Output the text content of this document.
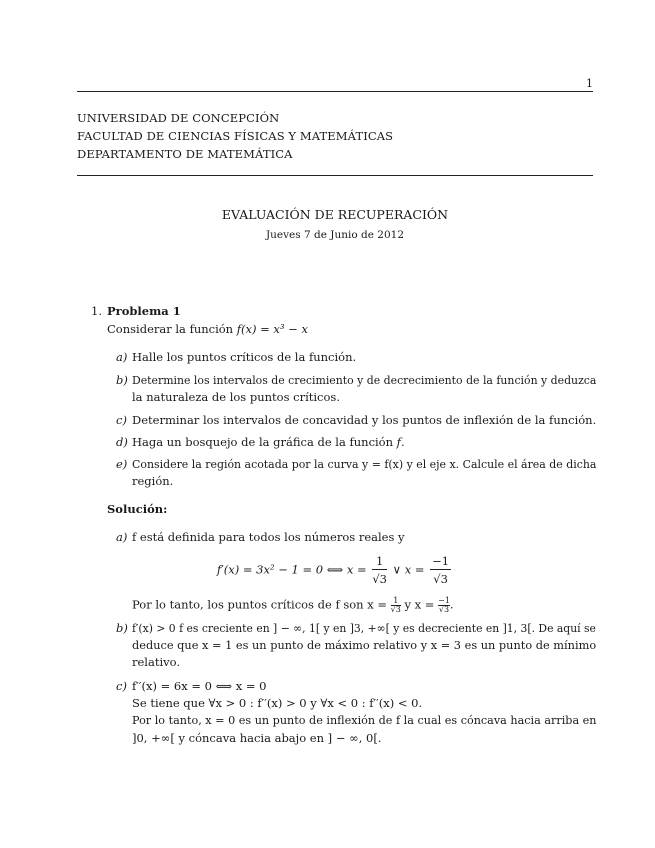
1
UNIVERSIDAD DE CONCEPCIÓN
FACULTAD DE CIENCIAS FÍSICAS Y MATEMÁTICAS
DEPARTAMENTO DE MATEMÁTICA
EVALUACIÓN DE RECUPERACIÓN
Jueves 7 de Junio de 2012
1. Problema 1
Considerar la función f(x) = x³ − x
a) Halle los puntos críticos de la función.
b) Determine los intervalos de crecimiento y de decrecimiento de la función y deduzca
la naturaleza de los puntos críticos.
c) Determinar los intervalos de concavidad y los puntos de inflexión de la función.
d) Haga un bosquejo de la gráfica de la función f.
e) Considere la región acotada por la curva y = f(x) y el eje x. Calcule el área de dicha
región.
Solución:
a) f está definida para todos los números reales y
f′(x) = 3x² − 1 = 0 ⟺ $x = \frac{1}{√3}$ ∨ $x = \frac{-1}{√3}$
Por lo tanto, los puntos críticos de f son $x = \frac{1}{√3}$ y $x = \frac{-1}{√3}$.
b) f′(x) > 0 f es creciente en ] − ∞, 1[ y en ]3, +∞[ y es decreciente en ]1, 3[. De aquí se
deduce que x = 1 es un punto de máximo relativo y x = 3 es un punto de mínimo
relativo.
c) f′′(x) = 6x = 0 ⟺ x = 0
Se tiene que ∀x > 0 : f′′(x) > 0 y ∀x < 0 : f′′(x) < 0.
Por lo tanto, x = 0 es un punto de inflexión de f la cual es cóncava hacia arriba en
]0, +∞[ y cóncava hacia abajo en ] − ∞, 0[.
